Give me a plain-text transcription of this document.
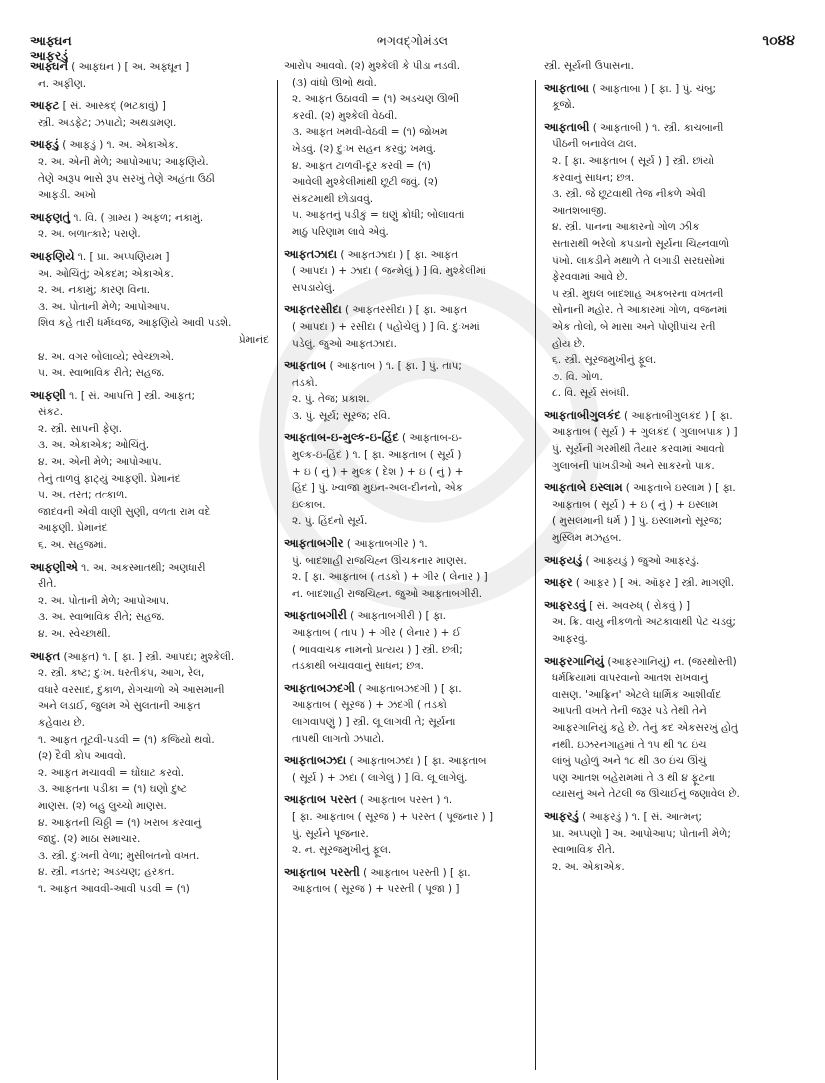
આફ્ઘન
આફરડું
ભગવદ્ગોમંડલ	૧૦૪૪
આફ્ઘન ( આફઘન ) [ અ. અફ્ઘૂન ]
ન. અફીણ.
આફટ [ સં. આસ્કદ્ (ભટકાવું) ]
સ્ત્રી. અડફેટ; ઝપાટો; અથડામણ.
આફડું ( આફડું ) ૧. અ. એકાએક.
૨. અ. એની મેળે; આપોઆપ; આફણિયે.
તેણે અરૂપ ભાસે રૂપ સરખું તેણે અહંતા ઉઠી
આફડી. અખો
આફણતું ૧. વિ. ( ગ્રામ્ય ) અફળ; નકામું.
૨. અ. બળાત્કારે; પરાણે.
આફણિયે ૧. [ પ્રા. અપ્પણિયમ ]
અ. ઓચિંતું; એકદમ; એકાએક.
૨. અ. નકામું; કારણ વિના.
૩. અ. પોતાની મેળે; આપોઆપ.
શિવ કહે તારી ધર્મધ્વજ, આફણિયે આવી પડશે.
પ્રેમાનંદ
૪. અ. વગર બોલાવ્યે; સ્વેચ્છાએ.
૫. અ. સ્વાભાવિક રીતે; સહજ.
આફણી ૧. [ સં. આપત્તિ ] સ્ત્રી. આફત;
સંકટ.
૨. સ્ત્રી. સાપની ફેણ.
૩. અ. એકાએક; ઓચિંતું.
૪. અ. એની મેળે; આપોઆપ.
તેનું તાળવું ફાટ્યું આફણી. પ્રેમાનંદ
૫. અ. તરત; તત્કાળ.
જાદવની એવી વાણી સુણી, વળતા રામ વદે
આફણી. પ્રેમાનંદ
૬. અ. સહજમાં.
આફણીએ ૧. અ. અકસ્માતથી; અણધારી
રીતે.
૨. અ. પોતાની મેળે; આપોઆપ.
૩. અ. સ્વાભાવિક રીતે; સહજ.
૪. અ. સ્વેચ્છાથી.
આફત (આફ઼ત) ૧. [ ફા. ] સ્ત્રી. આપદા; મુશ્કેલી.
૨. સ્ત્રી. કષ્ટ; દુઃખ. ધરતીકંપ, આગ, રેલ,
વધારે વરસાદ, દુકાળ, રોગચાળો એ આસમાની
અને લડાઈ, જુલમ એ સુલતાની આફત
કહેવાય છે.
૧. આફત તૂટવી-પડવી = (૧) કજિયો થવો.
(૨) દૈવી કોપ આવવો.
૨. આફત મચાવવી = ઘોંઘાટ કરવો.
૩. આફતના પડીકા = (૧) ઘણો દુષ્ટ
માણસ. (૨) બહુ લુચ્ચો માણસ.
૪. આફતની ચિઠ્ઠી = (૧) ખરાબ કરવાનું
જાદુ. (૨) માઠા સમાચાર.
૩. સ્ત્રી. દુઃખની વેળા; મુસીબતનો વખત.
૪. સ્ત્રી. નડતર; અડચણ; હરકત.
૧. આફત આવવી-આવી પડવી = (૧)
આરોપ આવવો. (૨) મુશ્કેલી કે પીડા નડવી.
(૩) વાંધો ઊભો થવો.
૨. આફત ઉઠાવવી = (૧) અડચણ ઊભી
કરવી. (૨) મુશ્કેલી વેઠવી.
૩. આફત ખમવી-વેઠવી = (૧) જોખમ
ખેડવું. (૨) દુઃખ સહન કરવું; ખમવું.
૪. આફત ટાળવી-દૂર કરવી = (૧)
આવેલી મુશ્કેલીમાંથી છૂટી જવું. (૨)
સંકટમાથી છોડાવવું.
૫. આફતનું પડીકું = ઘણું ક્રોધી; બોલાવતાં
માઠું પરિણામ લાવે એવું.
આફતઝાદા ( આફતઝાદા ) [ ફા. આફત
( આપદા ) + ઝાદા ( જન્મેલું ) ] વિ. મુશ્કેલીમાં
સપડાયેલું.
આફતરસીદા ( આફતરસીદા ) [ ફા. આફત
( આપદા ) + રસીદા ( પહોંચેલું ) ] વિ. દુઃખમાં
પડેલું. જુઓ આફતઝાદા.
આફતાબ ( આફતાબ ) ૧. [ ફા. ] પું. તાપ;
તડકો.
૨. પું. તેજ; પ્રકાશ.
૩. પું. સૂર્ય; સૂરજ; રવિ.
આફતાબ-ઇ-મુલ્ક-ઇ-હિંદ ( આફતાબ-ઇ-
મુલ્ક-ઇ-હિંદ ) ૧. [ ફા. આફતાબ ( સૂર્ય )
+ ઇ ( નું ) + મુલ્ક ( દેશ ) + ઇ ( નું ) +
હિંદ ] પું. ખ્વાજા મુઇન-અલ-દીનનો, એક
ઇલ્કાબ.
૨. પું. હિંદનો સૂર્ય.
આફતાબગીર ( આફતાબગીર ) ૧.
પું. બાદશાહી રાજચિહ્ન ઊંચકનાર માણસ.
૨. [ ફા. આફતાબ ( તડકો ) + ગીર ( લેનાર ) ]
ન. બાદશાહી રાજચિહ્ન. જુઓ આફતાબગીરી.
આફતાબગીરી ( આફતાબગીરી ) [ ફા.
આફતાબ ( તાપ ) + ગીર ( લેનાર ) + ઈ
( ભાવવાચક નામનો પ્રત્યય ) ] સ્ત્રી. છત્રી;
તડકાથી બચાવવાનું સાધન; છત્ર.
આફતાબઝદગી ( આફતાબઝદગી ) [ ફા.
આફતાબ ( સૂરજ ) + ઝદગી ( તડકો
લાગવાપણું ) ] સ્ત્રી. લૂ લાગવી તે; સૂર્યના
તાપથી લાગતો ઝપાટો.
આફતાબઝદા ( આફતાબઝદા ) [ ફા. આફતાબ
( સૂર્ય ) + ઝદા ( લાગેલું ) ] વિ. લૂ લાગેલું.
આફતાબ પરસ્ત ( આફતાબ પરસ્ત ) ૧.
[ ફા. આફતાબ ( સૂરજ ) + પરસ્ત ( પૂજનાર ) ]
પું. સૂર્યને પૂજનાર.
૨. ન. સૂરજમુખીનું ફૂલ.
આફતાબ પરસ્તી ( આફતાબ પરસ્તી ) [ ફા.
આફતાબ ( સૂરજ ) + પરસ્તી ( પૂજા ) ]
સ્ત્રી. સૂર્યની ઉપાસના.
આફતાબા ( આફતાબા ) [ ફા. ] પું. ચંબુ;
કૂજો.
આફતાબી ( આફતાબી ) ૧. સ્ત્રી. કાચબાની
પીઠની બનાવેલ ઢાલ.
૨. [ ફા. આફતાબ ( સૂર્ય ) ] સ્ત્રી. છાંયો
કરવાનું સાધન; છત્ર.
૩. સ્ત્રી. જે છૂટવાથી તેજ નીકળે એવી
આતશબાજી.
૪. સ્ત્રી. પાનના આકારનો ગોળ ઝીક
સતારાથી ભરેલો કપડાનો સૂર્યના ચિહ્નવાળો
પંખો. લાકડીને મથાળે તે લગાડી સરઘસોમાં
ફેરવવામાં આવે છે.
૫ સ્ત્રી. મુઘલ બાદશાહ અકબરના વખતની
સોનાની મહોર. તે આકારમાં ગોળ, વજનમાં
એક તોલો, બે માસા અને પોણીપાંચ રતી
હોય છે.
૬. સ્ત્રી. સૂરજમુખીનું ફૂલ.
૭. વિ. ગોળ.
૮. વિ. સૂર્ય સંબંધી.
આફતાબીગુલકંદ ( આફતાબીગુલકંદ ) [ ફા.
આફતાબ ( સૂર્ય ) + ગુલકંદ ( ગુલાબપાક ) ]
પું. સૂર્યની ગરમીથી તૈયાર કરવામાં આવતો
ગુલાબની પાંખડીઓ અને સાકરનો પાક.
આફતાબે ઇસ્લામ ( આફતાબે ઇસ્લામ ) [ ફા.
આફતાબ ( સૂર્ય ) + ઇ ( નું ) + ઇસ્લામ
( મુસલમાની ધર્મ ) ] પું. ઇસ્લામનો સૂરજ;
મુસ્લિમ મઝહબ.
આફયડું ( આફ્યડું ) જુઓ આફરડું.
આફર ( આફ઼ર ) [ અં. ઑફર ] સ્ત્રી. માગણી.
આફરડવું [ સં. અવરુધ્ ( રોકવું ) ]
અ. ક્રિ. વાયુ નીકળતો અટકાવાથી પેટ ચડવું;
આફરવું.
આફરગાનિયું (આફરગાનિયું) ન. (જરથોસ્તી)
ધર્મક્રિયામાં વાપરવાનો આતશ રાખવાનું
વાસણ. 'આફ્રિન' એટલે ધાર્મિક આશીર્વાદ
આપતી વખતે તેની જરૂર પડે તેથી તેને
આફરગાનિયું કહે છે. તેનું કદ એકસરખું હોતું
નથી. ઇઝરનગાહમાં તે ૧૫ થી ૧૮ ઇંચ
લાંબું પહોળું અને ૧૮ થી ૩૦ ઇંચ ઊંચું
પણ આતશ બહેરામમાં તે ૩ થી ૪ ફૂટના
વ્યાસનું અને તેટલી જ ઊંચાઈનું જણાવેલ છે.
આફરડું ( આફરડું ) ૧. [ સં. આત્મન્;
પ્રા. અપ્પણો ] અ. આપોઆપ; પોતાની મેળે;
સ્વાભાવિક રીતે.
૨. અ. એકાએક.
